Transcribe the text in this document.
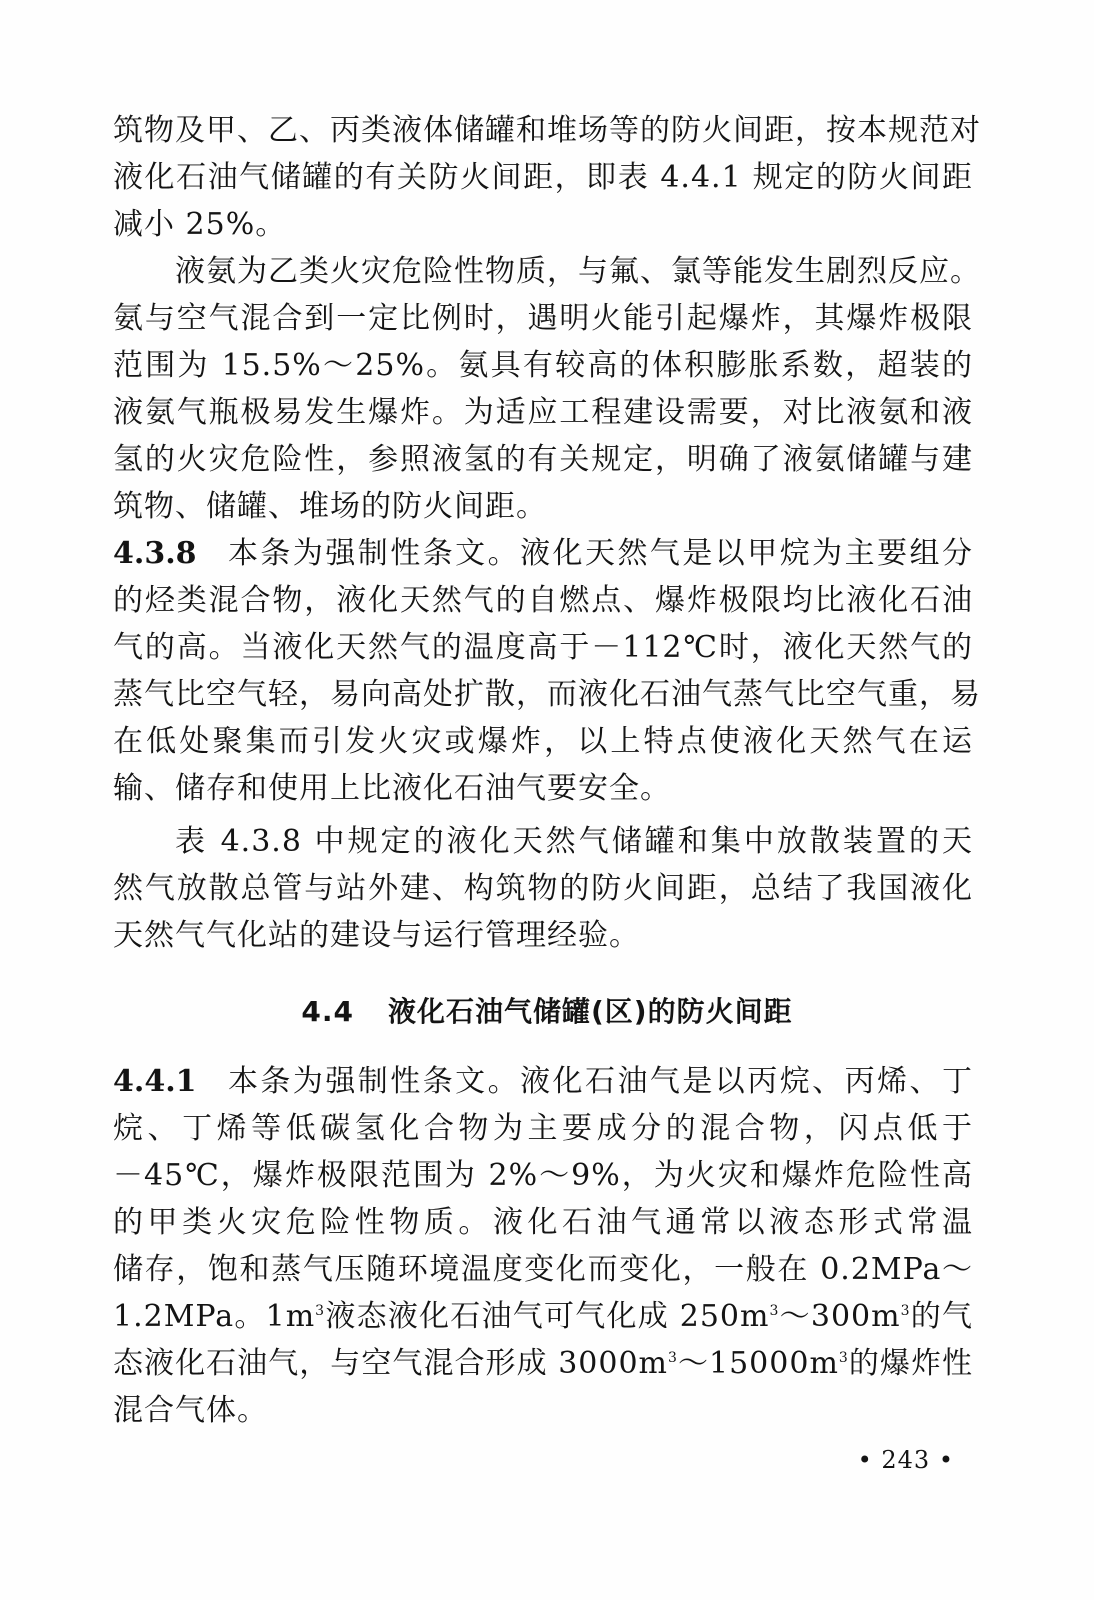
筑物及甲、乙、丙类液体储罐和堆场等的防火间距，按本规范对
液化石油气储罐的有关防火间距，即表 4.4.1 规定的防火间距
减小 25%。

液氨为乙类火灾危险性物质，与氟、氯等能发生剧烈反应。
氨与空气混合到一定比例时，遇明火能引起爆炸，其爆炸极限
范围为 15.5%～25%。氨具有较高的体积膨胀系数，超装的
液氨气瓶极易发生爆炸。为适应工程建设需要，对比液氨和液
氢的火灾危险性，参照液氢的有关规定，明确了液氨储罐与建
筑物、储罐、堆场的防火间距。

4.3.8 本条为强制性条文。液化天然气是以甲烷为主要组分
的烃类混合物，液化天然气的自燃点、爆炸极限均比液化石油
气的高。当液化天然气的温度高于－112℃时，液化天然气的
蒸气比空气轻，易向高处扩散，而液化石油气蒸气比空气重，易
在低处聚集而引发火灾或爆炸，以上特点使液化天然气在运
输、储存和使用上比液化石油气要安全。

表 4.3.8 中规定的液化天然气储罐和集中放散装置的天
然气放散总管与站外建、构筑物的防火间距，总结了我国液化
天然气气化站的建设与运行管理经验。

4.4 液化石油气储罐(区)的防火间距

4.4.1 本条为强制性条文。液化石油气是以丙烷、丙烯、丁
烷、丁烯等低碳氢化合物为主要成分的混合物，闪点低于
－45℃，爆炸极限范围为 2%～9%，为火灾和爆炸危险性高
的甲类火灾危险性物质。液化石油气通常以液态形式常温
储存，饱和蒸气压随环境温度变化而变化，一般在 0.2MPa～
1.2MPa。$1m^3$液态液化石油气可气化成 $250m^3\sim 300m^3$的气
态液化石油气，与空气混合形成 $3000m^3\sim 15000m^3$的爆炸性
混合气体。

• 243 •
